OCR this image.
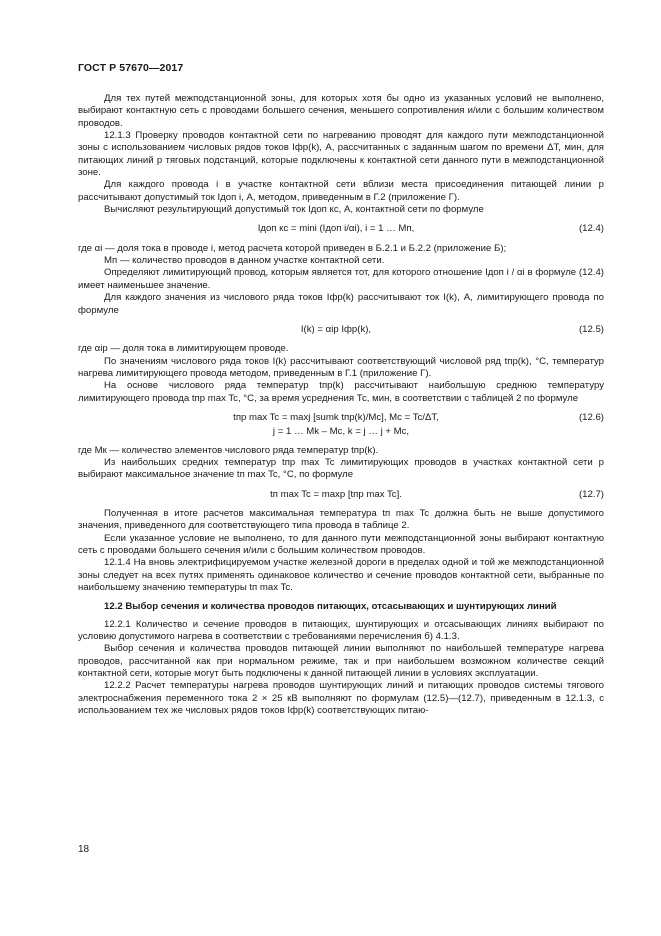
ГОСТ Р 57670—2017

Для тех путей межподстанционной зоны, для которых хотя бы одно из указанных условий не выполнено, выбирают контактную сеть с проводами большего сечения, меньшего сопротивления и/или с большим количеством проводов.

12.1.3 Проверку проводов контактной сети по нагреванию проводят для каждого пути межподстанционной зоны с использованием числовых рядов токов Iфр(k), А, рассчитанных с заданным шагом по времени ΔT, мин, для питающих линий р тяговых подстанций, которые подключены к контактной сети данного пути в межподстанционной зоне.

Для каждого провода i в участке контактной сети вблизи места присоединения питающей линии р рассчитывают допустимый ток Iдоп i, А, методом, приведенным в Г.2 (приложение Г).

Вычисляют результирующий допустимый ток Iдоп кс, А, контактной сети по формуле

Iдоп кс = mini (Iдоп i/αi), i = 1 … Mп,	(12.4)

где αi — доля тока в проводе i, метод расчета которой приведен в Б.2.1 и Б.2.2 (приложение Б);

Mп — количество проводов в данном участке контактной сети.

Определяют лимитирующий провод, которым является тот, для которого отношение Iдоп i / αi в формуле (12.4) имеет наименьшее значение.

Для каждого значения из числового ряда токов Iфр(k) рассчитывают ток I(k), А, лимитирующего провода по формуле

I(k) = αip Iфр(k),	(12.5)

где αip — доля тока в лимитирующем проводе.

По значениям числового ряда токов I(k) рассчитывают соответствующий числовой ряд tпр(k), °С, температур нагрева лимитирующего провода методом, приведенным в Г.1 (приложение Г).

На основе числового ряда температур tпр(k) рассчитывают наибольшую среднюю температуру лимитирующего провода tпр max Tc, °С, за время усреднения Тс, мин, в соответствии с таблицей 2 по формуле

tпр max Tc = maxj [sumk tпр(k)/Mc], Mc = Tc/ΔT,	(12.6)
j = 1 … Mk – Mc, k = j … j + Mc,

где Mк — количество элементов числового ряда температур tпр(k).

Из наибольших средних температур tпр max Tc лимитирующих проводов в участках контактной сети р выбирают максимальное значение tп max Tc, °С, по формуле

tп max Tc = maxp [tпр max Tc].	(12.7)

Полученная в итоге расчетов максимальная температура tп max Tc должна быть не выше допустимого значения, приведенного для соответствующего типа провода в таблице 2.

Если указанное условие не выполнено, то для данного пути межподстанционной зоны выбирают контактную сеть с проводами большего сечения и/или с большим количеством проводов.

12.1.4 На вновь электрифицируемом участке железной дороги в пределах одной и той же межподстанционной зоны следует на всех путях применять одинаковое количество и сечение проводов контактной сети, выбранные по наибольшему значению температуры tп max Tc.

12.2 Выбор сечения и количества проводов питающих, отсасывающих и шунтирующих линий

12.2.1 Количество и сечение проводов в питающих, шунтирующих и отсасывающих линиях выбирают по условию допустимого нагрева в соответствии с требованиями перечисления б) 4.1.3.

Выбор сечения и количества проводов питающей линии выполняют по наибольшей температуре нагрева проводов, рассчитанной как при нормальном режиме, так и при наибольшем возможном количестве секций контактной сети, которые могут быть подключены к данной питающей линии в условиях эксплуатации.

12.2.2 Расчет температуры нагрева проводов шунтирующих линий и питающих проводов системы тягового электроснабжения переменного тока 2 × 25 кВ выполняют по формулам (12.5)—(12.7), приведенным в 12.1.3, с использованием тех же числовых рядов токов Iфр(k) соответствующих питаю-

18
